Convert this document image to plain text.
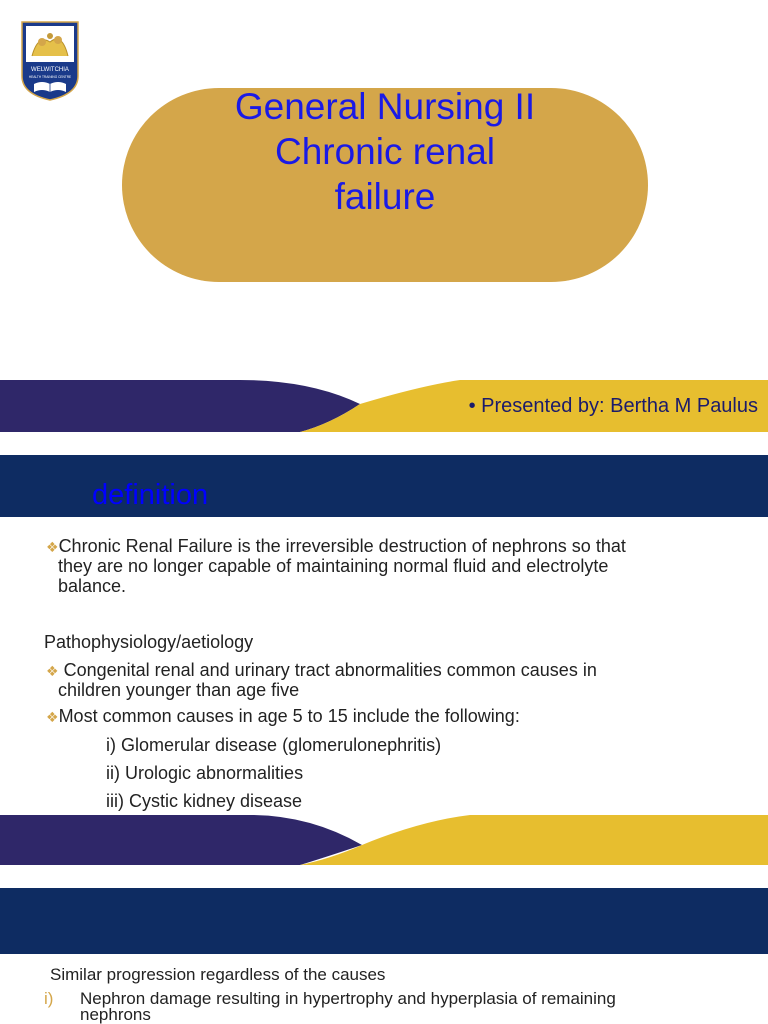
WELWITCHIA
HEALTH TRAINING CENTRE
General Nursing II
Chronic renal
failure
• Presented by: Bertha M Paulus
definition
❖Chronic Renal Failure is the irreversible destruction of nephrons so that
they are no longer capable of maintaining normal fluid and electrolyte
balance.
Pathophysiology/aetiology
❖ Congenital renal and urinary tract abnormalities common causes in
children younger than age five
❖Most common causes in age 5 to 15 include the following:
i) Glomerular disease (glomerulonephritis)
ii) Urologic abnormalities
iii) Cystic kidney disease
Similar progression regardless of the causes
i) Nephron damage resulting in hypertrophy and hyperplasia of remaining
nephrons
